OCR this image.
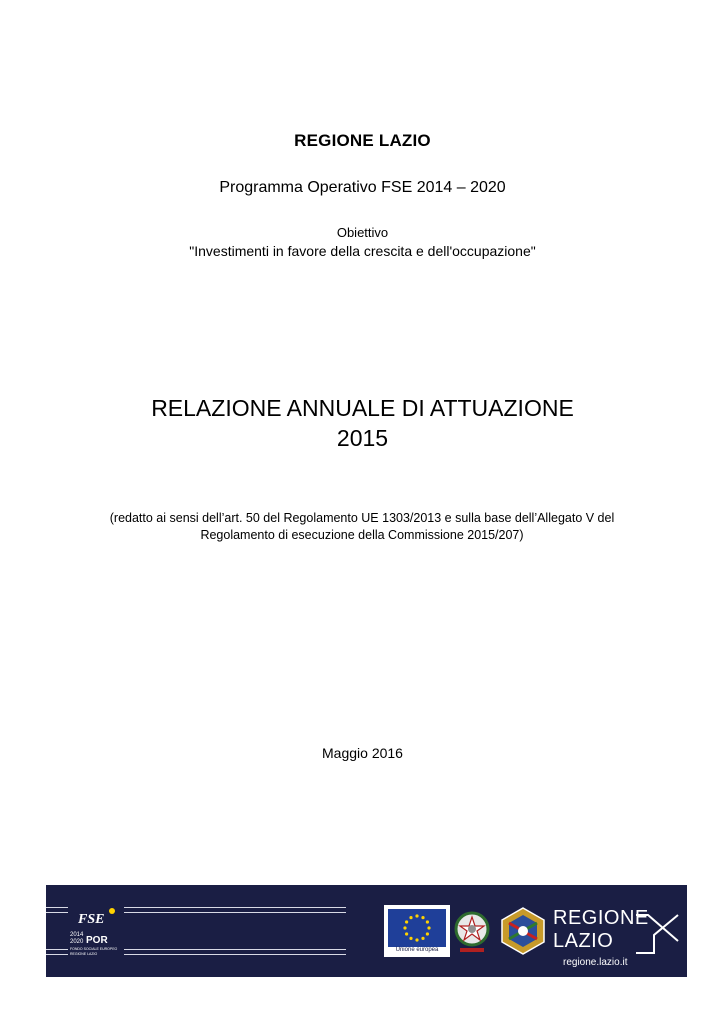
REGIONE LAZIO
Programma Operativo FSE 2014 – 2020
Obiettivo
"Investimenti in favore della crescita e dell'occupazione"
RELAZIONE ANNUALE DI ATTUAZIONE
2015
(redatto ai sensi dell’art. 50 del Regolamento UE 1303/2013 e sulla base dell’Allegato V del
Regolamento di esecuzione della Commissione 2015/207)
Maggio 2016
FSE
2014
2020 POR
FONDO SOCIALE EUROPEO
REGIONE LAZIO
Unione europea
REGIONE
LAZIO
regione.lazio.it
